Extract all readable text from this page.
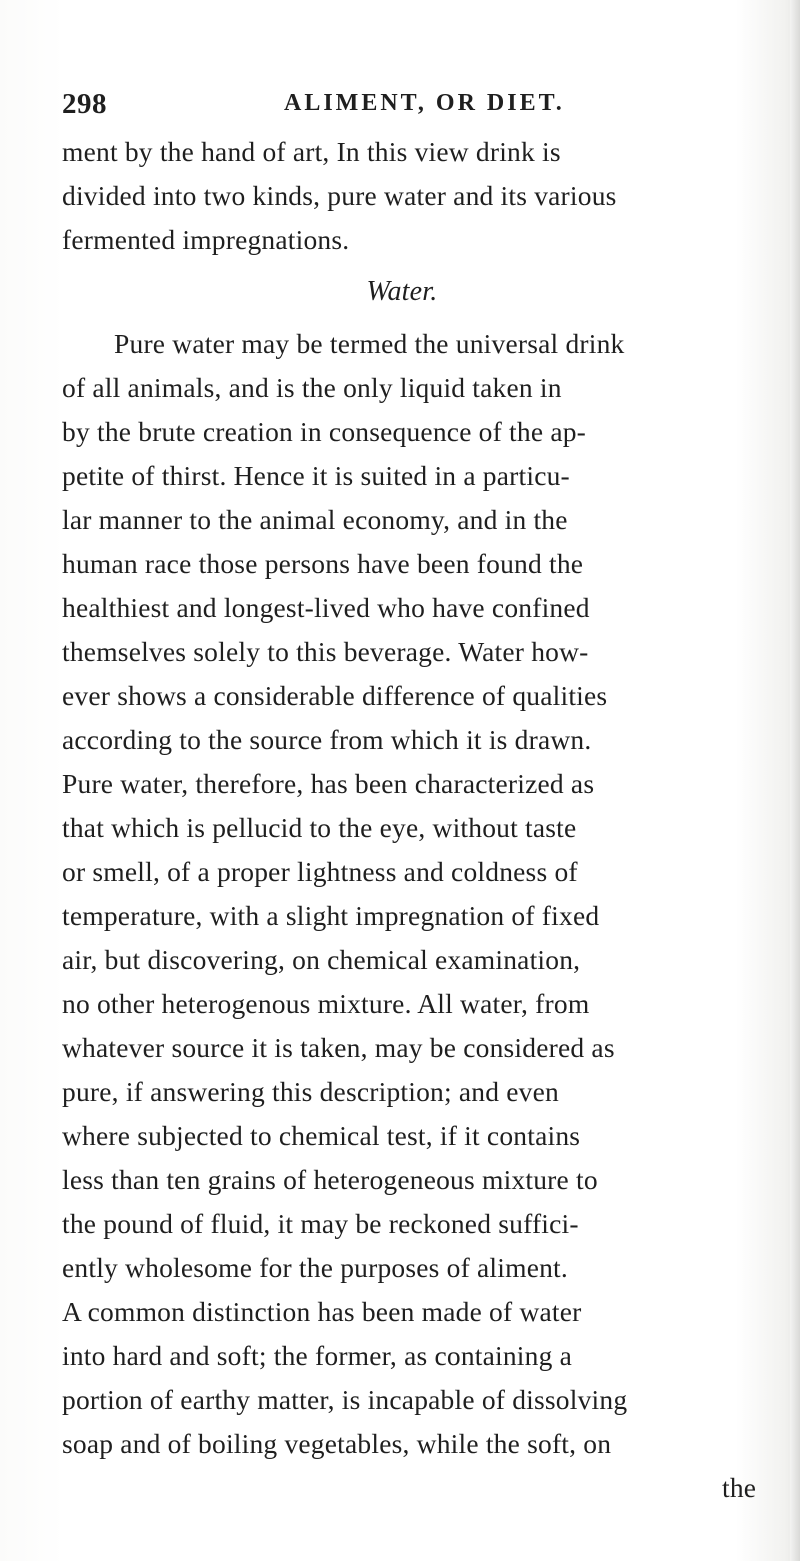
298	ALIMENT, OR DIET.
ment by the hand of art, In this view drink is
divided into two kinds, pure water and its various
fermented impregnations.
Water.
Pure water may be termed the universal drink
of all animals, and is the only liquid taken in
by the brute creation in consequence of the ap-
petite of thirst. Hence it is suited in a particu-
lar manner to the animal economy, and in the
human race those persons have been found the
healthiest and longest-lived who have confined
themselves solely to this beverage. Water how-
ever shows a considerable difference of qualities
according to the source from which it is drawn.
Pure water, therefore, has been characterized as
that which is pellucid to the eye, without taste
or smell, of a proper lightness and coldness of
temperature, with a slight impregnation of fixed
air, but discovering, on chemical examination,
no other heterogenous mixture. All water, from
whatever source it is taken, may be considered as
pure, if answering this description; and even
where subjected to chemical test, if it contains
less than ten grains of heterogeneous mixture to
the pound of fluid, it may be reckoned suffici-
ently wholesome for the purposes of aliment.
A common distinction has been made of water
into hard and soft; the former, as containing a
portion of earthy matter, is incapable of dissolving
soap and of boiling vegetables, while the soft, on
the
